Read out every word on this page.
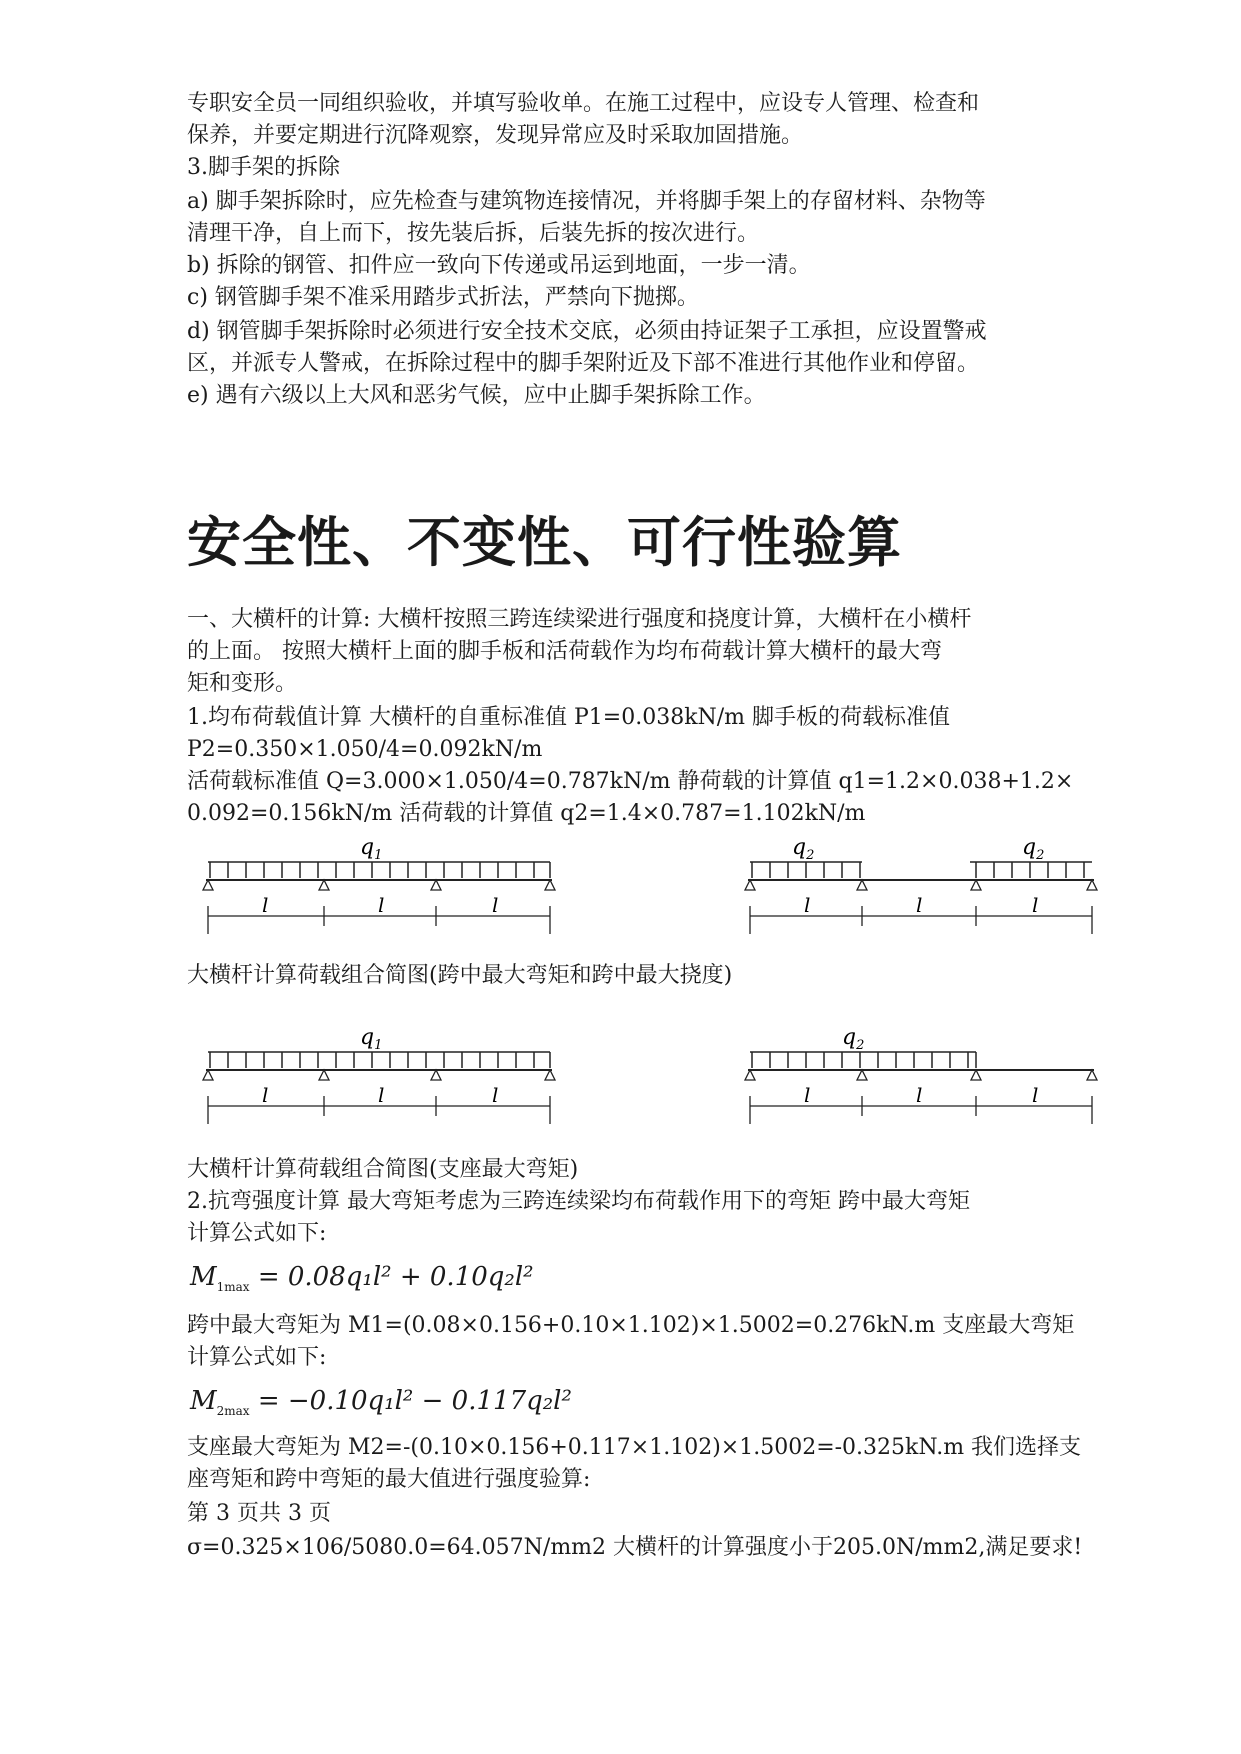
专职安全员一同组织验收，并填写验收单。在施工过程中，应设专人管理、检查和

保养，并要定期进行沉降观察，发现异常应及时采取加固措施。

3.脚手架的拆除

a) 脚手架拆除时，应先检查与建筑物连接情况，并将脚手架上的存留材料、杂物等

清理干净，自上而下，按先装后拆，后装先拆的按次进行。

b) 拆除的钢管、扣件应一致向下传递或吊运到地面，一步一清。

c) 钢管脚手架不准采用踏步式折法，严禁向下抛掷。

d) 钢管脚手架拆除时必须进行安全技术交底，必须由持证架子工承担，应设置警戒

区，并派专人警戒，在拆除过程中的脚手架附近及下部不准进行其他作业和停留。

e) 遇有六级以上大风和恶劣气候，应中止脚手架拆除工作。

安全性、不变性、可行性验算

一、大横杆的计算: 大横杆按照三跨连续梁进行强度和挠度计算，大横杆在小横杆

的上面。 按照大横杆上面的脚手板和活荷载作为均布荷载计算大横杆的最大弯

矩和变形。

1.均布荷载值计算 大横杆的自重标准值 P1=0.038kN/m 脚手板的荷载标准值

P2=0.350×1.050/4=0.092kN/m

活荷载标准值 Q=3.000×1.050/4=0.787kN/m 静荷载的计算值 q1=1.2×0.038+1.2×

0.092=0.156kN/m 活荷载的计算值 q2=1.4×0.787=1.102kN/m

$q_1$
l	l	l
$q_2$	$q_2$
l	l	l

大横杆计算荷载组合简图(跨中最大弯矩和跨中最大挠度)

$q_1$
l	l	l
$q_2$
l	l	l

大横杆计算荷载组合简图(支座最大弯矩)

2.抗弯强度计算 最大弯矩考虑为三跨连续梁均布荷载作用下的弯矩 跨中最大弯矩

计算公式如下:

$M_{1max} = 0.08q_1l^2 + 0.10q_2l^2$

跨中最大弯矩为 M1=(0.08×0.156+0.10×1.102)×1.5002=0.276kN.m 支座最大弯矩

计算公式如下:

$M_{2max} = -0.10q_1l^2 - 0.117q_2l^2$

支座最大弯矩为 M2=-(0.10×0.156+0.117×1.102)×1.5002=-0.325kN.m 我们选择支

座弯矩和跨中弯矩的最大值进行强度验算:

第 3 页共 3 页

σ=0.325×106/5080.0=64.057N/mm2 大横杆的计算强度小于205.0N/mm2,满足要求!
